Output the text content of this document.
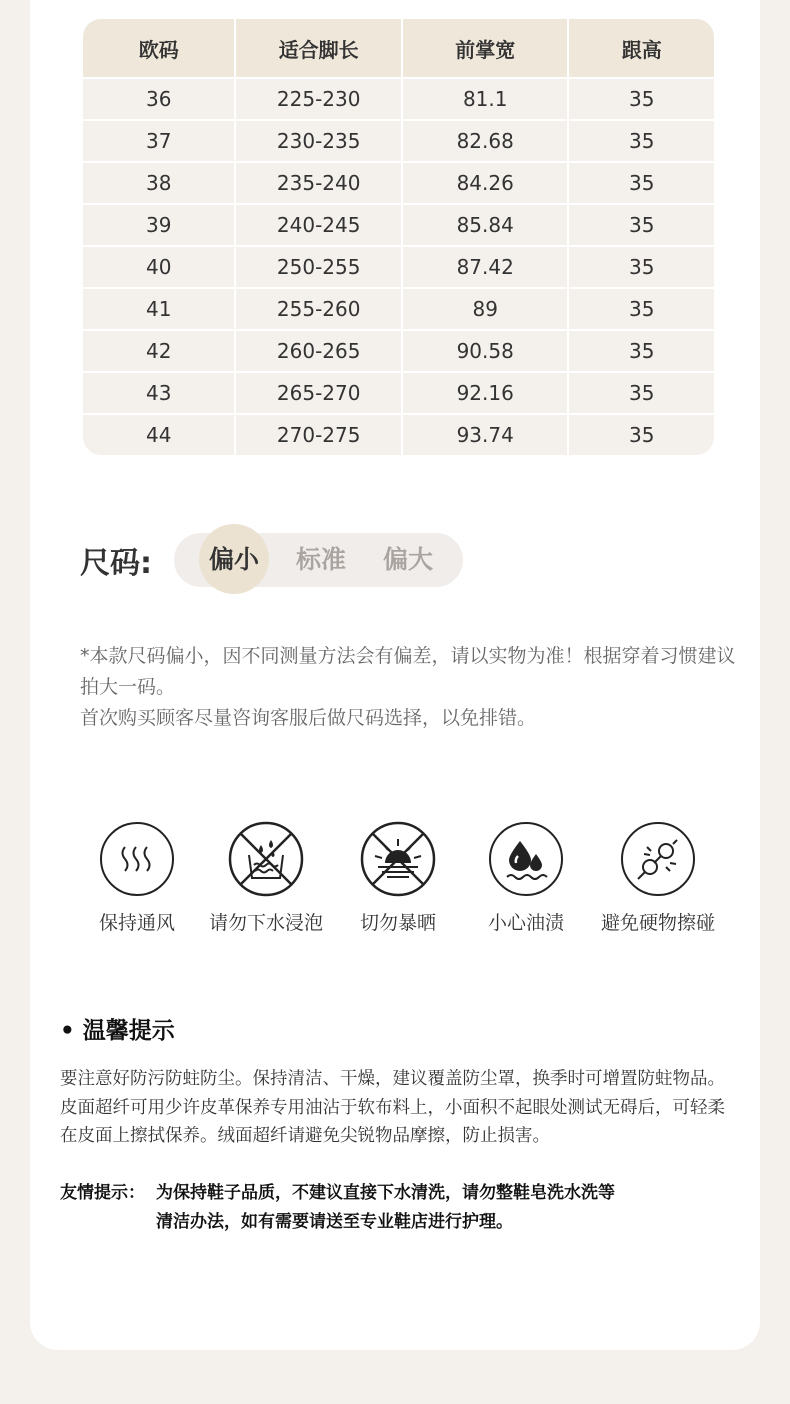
欧码	适合脚长	前掌宽	跟高
36	225-230	81.1	35
37	230-235	82.68	35
38	235-240	84.26	35
39	240-245	85.84	35
40	250-255	87.42	35
41	255-260	89	35
42	260-265	90.58	35
43	265-270	92.16	35
44	270-275	93.74	35
尺码: 偏小 标准 偏大

*本款尺码偏小，因不同测量方法会有偏差，请以实物为准！根据穿着习惯建议拍大一码。

首次购买顾客尽量咨询客服后做尺码选择，以免排错。

保持通风	请勿下水浸泡	切勿暴晒	小心油渍	避免硬物擦碰
• 温馨提示

要注意好防污防蛀防尘。保持清洁、干燥，建议覆盖防尘罩，换季时可增置防蛀物品。皮面超纤可用少许皮革保养专用油沾于软布料上，小面积不起眼处测试无碍后，可轻柔在皮面上擦拭保养。绒面超纤请避免尖锐物品摩擦，防止损害。

友情提示： 为保持鞋子品质，不建议直接下水清洗，请勿整鞋皂洗水洗等
清洁办法，如有需要请送至专业鞋店进行护理。
